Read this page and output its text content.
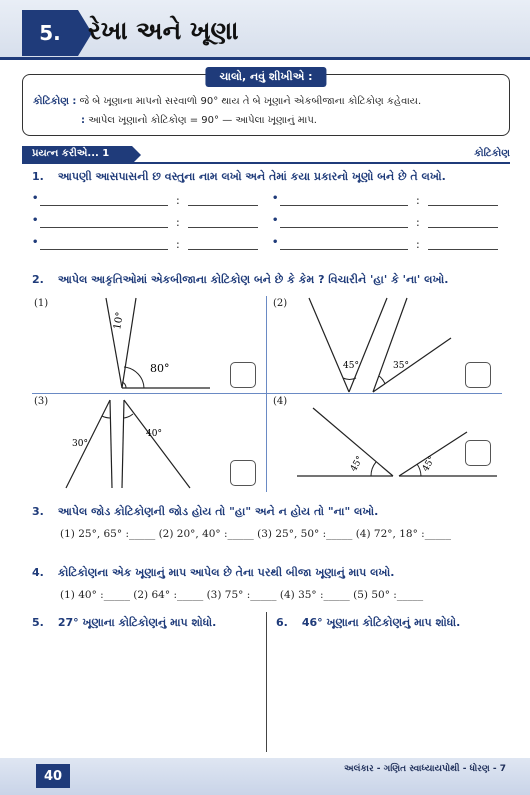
5.	રેખા અને ખૂણા
ચાલો, નવું શીખીએ :
કોટિકોણ : જે બે ખૂણાના માપનો સરવાળો 90° થાય તે બે ખૂણાને એકબીજાના કોટિકોણ કહેવાય.
: આપેલ ખૂણાનો કોટિકોણ = 90° — આપેલા ખૂણાનું માપ.
પ્રયત્ન કરીએ... 1	કોટિકોણ
1. આપણી આસપાસની છ વસ્તુના નામ લખો અને તેમાં કયા પ્રકારનો ખૂણો બને છે તે લખો.
•	:	•	:
•	:	•	:
•	:	•	:
2. આપેલ આકૃતિઓમાં એકબીજાના કોટિકોણ બને છે કે કેમ ? વિચારીને 'હા' કે 'ના' લખો.
(1)
10°
80°
(2)
45°	35°
(3)
30°
40°
(4)
45°	45°
3. આપેલ જોડ કોટિકોણની જોડ હોય તો "હા" અને ન હોય તો "ના" લખો.
(1) 25°, 65° :_____ (2) 20°, 40° :_____ (3) 25°, 50° :_____ (4) 72°, 18° :_____
4. કોટિકોણના એક ખૂણાનું માપ આપેલ છે તેના પરથી બીજા ખૂણાનું માપ લખો.
(1) 40° :_____ (2) 64° :_____ (3) 75° :_____ (4) 35° :_____ (5) 50° :_____
5. 27° ખૂણાના કોટિકોણનું માપ શોધો.	6. 46° ખૂણાના કોટિકોણનું માપ શોધો.
અલંકાર - ગણિત સ્વાધ્યાયપોથી - ધોરણ - 7
40
